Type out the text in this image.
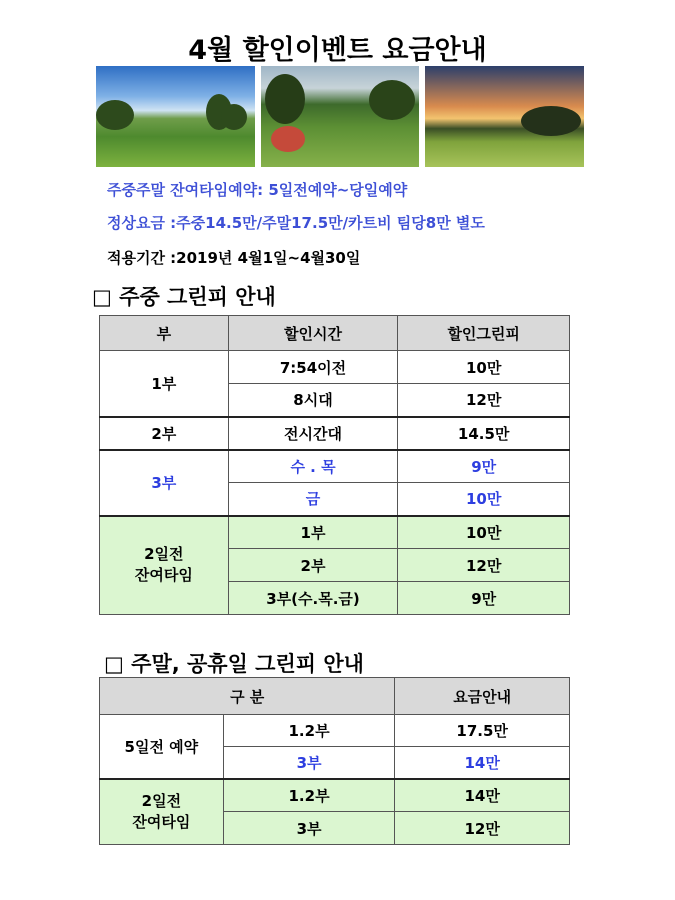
4월 할인이벤트 요금안내
주중주말 잔여타임예약: 5일전예약~당일예약
정상요금 :주중14.5만/주말17.5만/카트비 팀당8만 별도
적용기간 :2019년 4월1일~4월30일
□ 주중 그린피 안내
부	할인시간	할인그린피
1부	7:54이전	10만
	8시대	12만
2부	전시간대	14.5만
3부	수 . 목	9만
	금	10만
2일전
잔여타임	1부	10만
	2부	12만
	3부(수.목.금)	9만
□ 주말, 공휴일 그린피 안내
구 분		요금안내
5일전 예약	1.2부	17.5만
	3부	14만
2일전
잔여타임	1.2부	14만
	3부	12만
